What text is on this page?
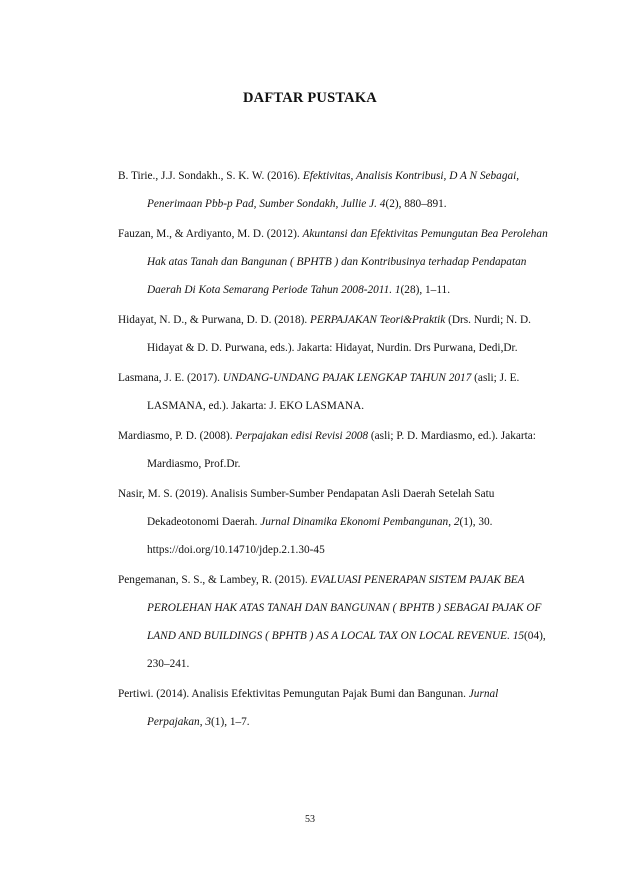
DAFTAR PUSTAKA
B. Tirie., J.J. Sondakh., S. K. W. (2016). Efektivitas, Analisis Kontribusi, D A N Sebagai, Penerimaan Pbb-p Pad, Sumber Sondakh, Jullie J. 4(2), 880–891.
Fauzan, M., & Ardiyanto, M. D. (2012). Akuntansi dan Efektivitas Pemungutan Bea Perolehan Hak atas Tanah dan Bangunan ( BPHTB ) dan Kontribusinya terhadap Pendapatan Daerah Di Kota Semarang Periode Tahun 2008-2011. 1(28), 1–11.
Hidayat, N. D., & Purwana, D. D. (2018). PERPAJAKAN Teori&Praktik (Drs. Nurdi; N. D. Hidayat & D. D. Purwana, eds.). Jakarta: Hidayat, Nurdin. Drs Purwana, Dedi,Dr.
Lasmana, J. E. (2017). UNDANG-UNDANG PAJAK LENGKAP TAHUN 2017 (asli; J. E. LASMANA, ed.). Jakarta: J. EKO LASMANA.
Mardiasmo, P. D. (2008). Perpajakan edisi Revisi 2008 (asli; P. D. Mardiasmo, ed.). Jakarta: Mardiasmo, Prof.Dr.
Nasir, M. S. (2019). Analisis Sumber-Sumber Pendapatan Asli Daerah Setelah Satu Dekadeotonomi Daerah. Jurnal Dinamika Ekonomi Pembangunan, 2(1), 30. https://doi.org/10.14710/jdep.2.1.30-45
Pengemanan, S. S., & Lambey, R. (2015). EVALUASI PENERAPAN SISTEM PAJAK BEA PEROLEHAN HAK ATAS TANAH DAN BANGUNAN ( BPHTB ) SEBAGAI PAJAK OF LAND AND BUILDINGS ( BPHTB ) AS A LOCAL TAX ON LOCAL REVENUE. 15(04), 230–241.
Pertiwi. (2014). Analisis Efektivitas Pemungutan Pajak Bumi dan Bangunan. Jurnal Perpajakan, 3(1), 1–7.
53
